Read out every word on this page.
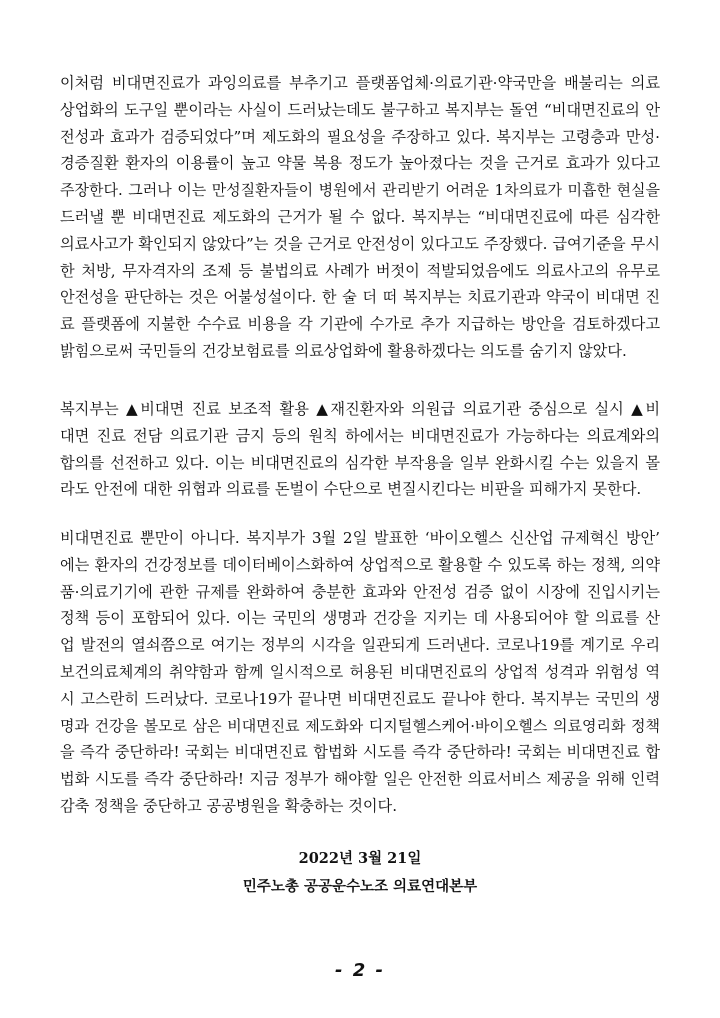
이처럼 비대면진료가 과잉의료를 부추기고 플랫폼업체·의료기관·약국만을 배불리는 의료
상업화의 도구일 뿐이라는 사실이 드러났는데도 불구하고 복지부는 돌연 “비대면진료의 안
전성과 효과가 검증되었다”며 제도화의 필요성을 주장하고 있다. 복지부는 고령층과 만성·
경증질환 환자의 이용률이 높고 약물 복용 정도가 높아졌다는 것을 근거로 효과가 있다고
주장한다. 그러나 이는 만성질환자들이 병원에서 관리받기 어려운 1차의료가 미흡한 현실을
드러낼 뿐 비대면진료 제도화의 근거가 될 수 없다. 복지부는 “비대면진료에 따른 심각한
의료사고가 확인되지 않았다”는 것을 근거로 안전성이 있다고도 주장했다. 급여기준을 무시
한 처방, 무자격자의 조제 등 불법의료 사례가 버젓이 적발되었음에도 의료사고의 유무로
안전성을 판단하는 것은 어불성설이다. 한 술 더 떠 복지부는 치료기관과 약국이 비대면 진
료 플랫폼에 지불한 수수료 비용을 각 기관에 수가로 추가 지급하는 방안을 검토하겠다고
밝힘으로써 국민들의 건강보험료를 의료상업화에 활용하겠다는 의도를 숨기지 않았다.
복지부는 ▲비대면 진료 보조적 활용 ▲재진환자와 의원급 의료기관 중심으로 실시 ▲비
대면 진료 전담 의료기관 금지 등의 원칙 하에서는 비대면진료가 가능하다는 의료계와의
합의를 선전하고 있다. 이는 비대면진료의 심각한 부작용을 일부 완화시킬 수는 있을지 몰
라도 안전에 대한 위협과 의료를 돈벌이 수단으로 변질시킨다는 비판을 피해가지 못한다.
비대면진료 뿐만이 아니다. 복지부가 3월 2일 발표한 ‘바이오헬스 신산업 규제혁신 방안’
에는 환자의 건강정보를 데이터베이스화하여 상업적으로 활용할 수 있도록 하는 정책, 의약
품·의료기기에 관한 규제를 완화하여 충분한 효과와 안전성 검증 없이 시장에 진입시키는
정책 등이 포함되어 있다. 이는 국민의 생명과 건강을 지키는 데 사용되어야 할 의료를 산
업 발전의 열쇠쯤으로 여기는 정부의 시각을 일관되게 드러낸다. 코로나19를 계기로 우리
보건의료체계의 취약함과 함께 일시적으로 허용된 비대면진료의 상업적 성격과 위험성 역
시 고스란히 드러났다. 코로나19가 끝나면 비대면진료도 끝나야 한다. 복지부는 국민의 생
명과 건강을 볼모로 삼은 비대면진료 제도화와 디지털헬스케어·바이오헬스 의료영리화 정책
을 즉각 중단하라! 국회는 비대면진료 합법화 시도를 즉각 중단하라! 국회는 비대면진료 합
법화 시도를 즉각 중단하라! 지금 정부가 해야할 일은 안전한 의료서비스 제공을 위해 인력
감축 정책을 중단하고 공공병원을 확충하는 것이다.

2022년 3월 21일

민주노총 공공운수노조 의료연대본부

- 2 -
